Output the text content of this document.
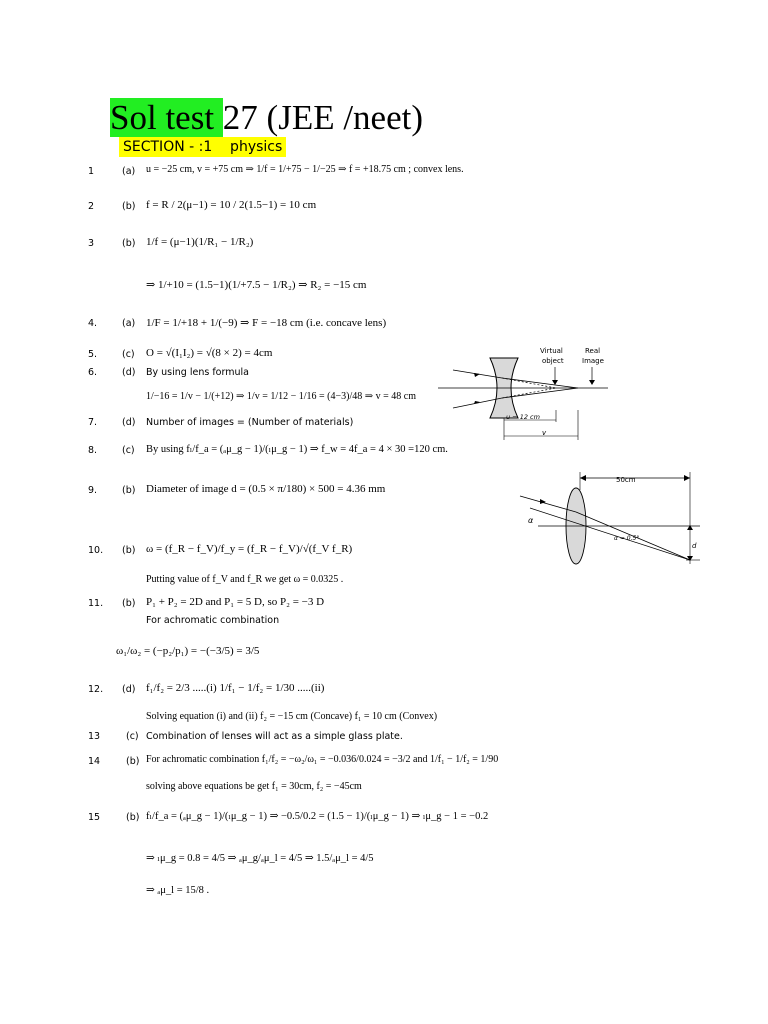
Sol test 27 (JEE /neet)
SECTION - :1    physics
1	(a) u = −25 cm, v = +75 cm ⇒ 1/f = 1/+75 − 1/−25 ⇒ f = +18.75 cm ; convex lens.
2	(b) f = R / 2(μ−1) = 10 / 2(1.5−1) = 10 cm
3	(b) 1/f = (μ−1)(1/R₁ − 1/R₂)
⇒ 1/+10 = (1.5−1)(1/+7.5 − 1/R₂) ⇒ R₂ = −15 cm
4.	(a) 1/F = 1/+18 + 1/(−9) ⇒ F = −18 cm (i.e. concave lens)
5.	(c) O = √(I₁I₂) = √(8 × 2) = 4cm
6.	(d) By using lens formula
1/−16 = 1/v − 1/(+12) ⇒ 1/v = 1/12 − 1/16 = (4−3)/48 ⇒ v = 48 cm
7.	(d) Number of images = (Number of materials)
8.	(c) By using fₗ/f_a = (ₐμ_g − 1)/(ₗμ_g − 1) ⇒ f_w = 4f_a = 4 × 30 =120 cm.
9.	(b) Diameter of image d = (0.5 × π/180) × 500 = 4.36 mm
10.	(b) ω = (f_R − f_V)/f_y = (f_R − f_V)/√(f_V f_R)
Putting value of f_V and f_R we get ω = 0.0325 .
11.	(b) P₁ + P₂ = 2D and P₁ = 5 D, so P₂ = −3 D
For achromatic combination
ω₁/ω₂ = (−p₂/p₁) = −(−3/5) = 3/5
12.	(d) f₁/f₂ = 2/3 .....(i) 1/f₁ − 1/f₂ = 1/30 .....(ii)
Solving equation (i) and (ii) f₂ = −15 cm (Concave) f₁ = 10 cm (Convex)
13	(c) Combination of lenses will act as a simple glass plate.
14	(b) For achromatic combination f₁/f₂ = −ω₂/ω₁ = −0.036/0.024 = −3/2 and 1/f₁ − 1/f₂ = 1/90
solving above equations be get f₁ = 30cm, f₂ = −45cm
15	(b) fₗ/f_a = (ₐμ_g − 1)/(ₗμ_g − 1) ⇒ −0.5/0.2 = (1.5 − 1)/(ₗμ_g − 1) ⇒ ₗμ_g − 1 = −0.2
⇒ ₗμ_g = 0.8 = 4/5 ⇒ ₐμ_g/ₐμ_l = 4/5 ⇒ 1.5/ₐμ_l = 4/5
⇒ ₐμ_l = 15/8 .
Virtual
object
Real
Image
u = 12 cm
v
50cm
α
α = 0.5°
d
